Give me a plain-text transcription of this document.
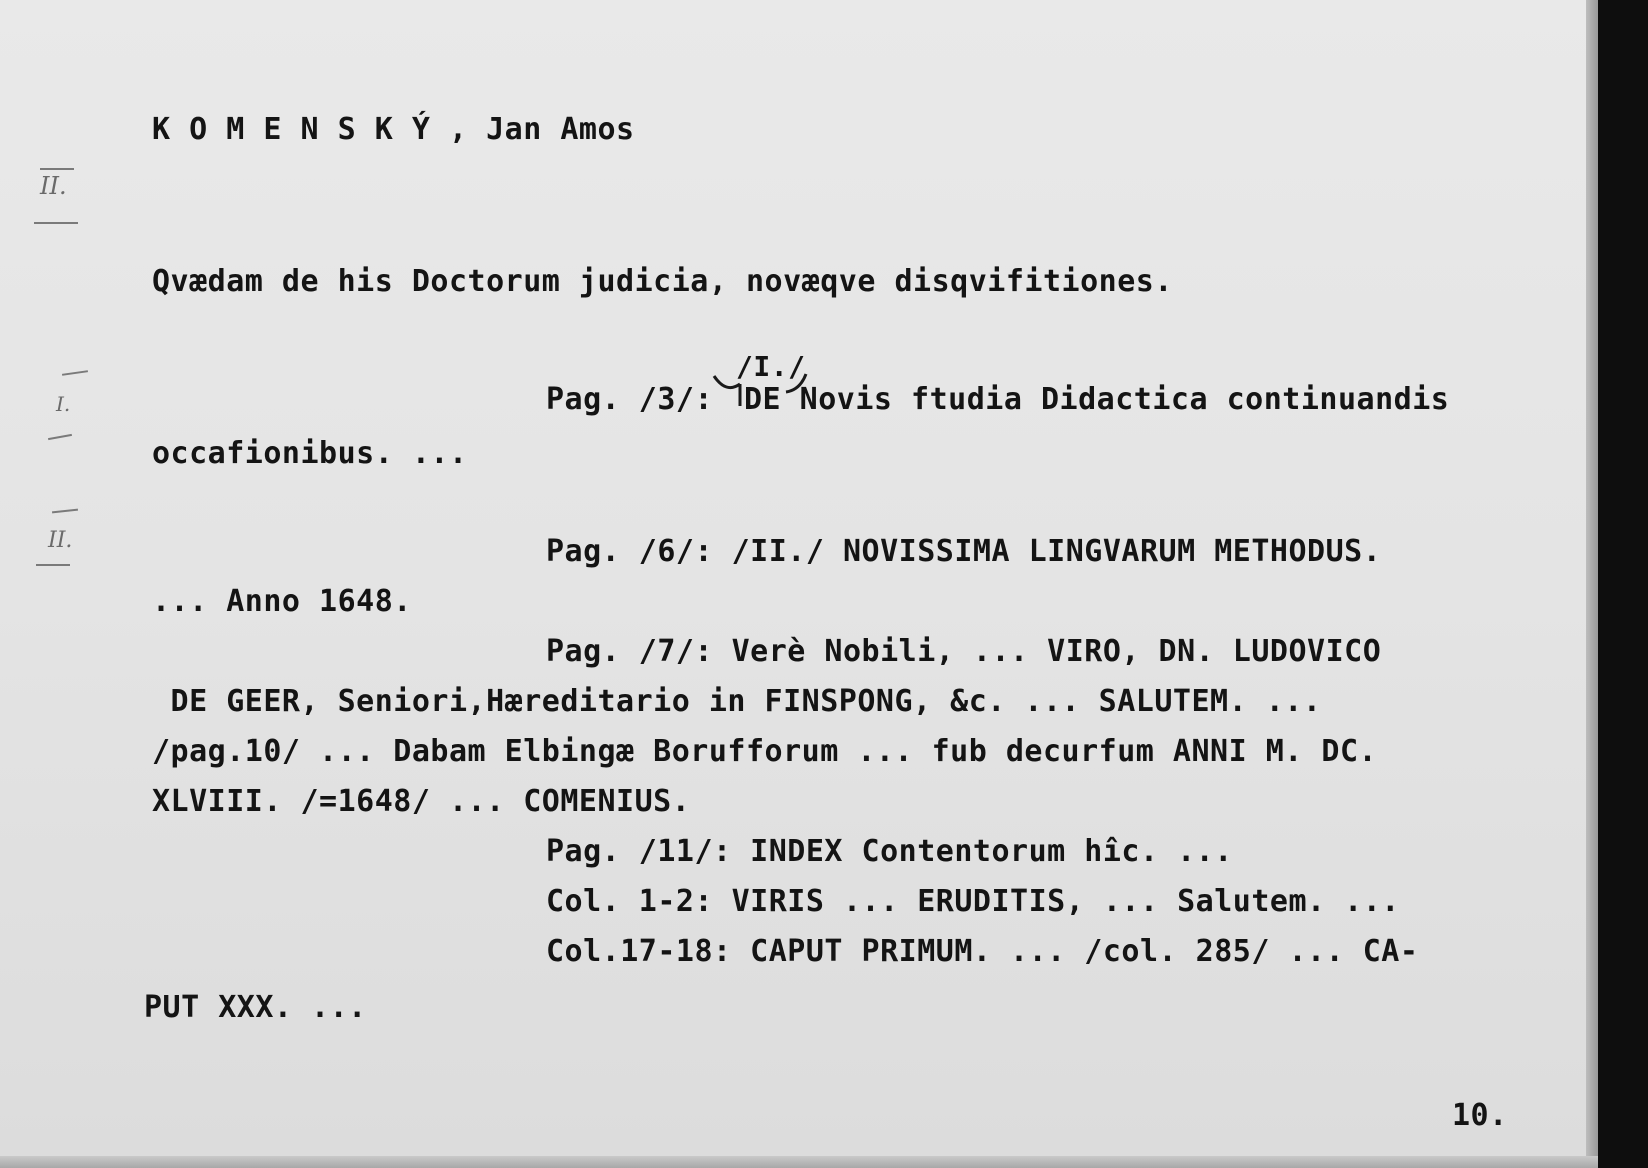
II.
I.
II.
K O M E N S K Ý , Jan Amos
Qvædam de his Doctorum judicia, novæqve disqvifitiones.
/I./
Pag. /3/: DE Novis ftudia Didactica continuandis
occafionibus. ...
Pag. /6/: /II./ NOVISSIMA LINGVARUM METHODUS.
... Anno 1648.
Pag. /7/: Verè Nobili, ... VIRO, DN. LUDOVICO
DE GEER, Seniori,Hæreditario in FINSPONG, &c. ... SALUTEM. ...
/pag.10/ ... Dabam Elbingæ Borufforum ... fub decurfum ANNI M. DC.
XLVIII. /=1648/ ... COMENIUS.
Pag. /11/: INDEX Contentorum hîc. ...
Col. 1-2: VIRIS ... ERUDITIS, ... Salutem. ...
Col.17-18: CAPUT PRIMUM. ... /col. 285/ ... CA-
PUT XXX. ...
10.
